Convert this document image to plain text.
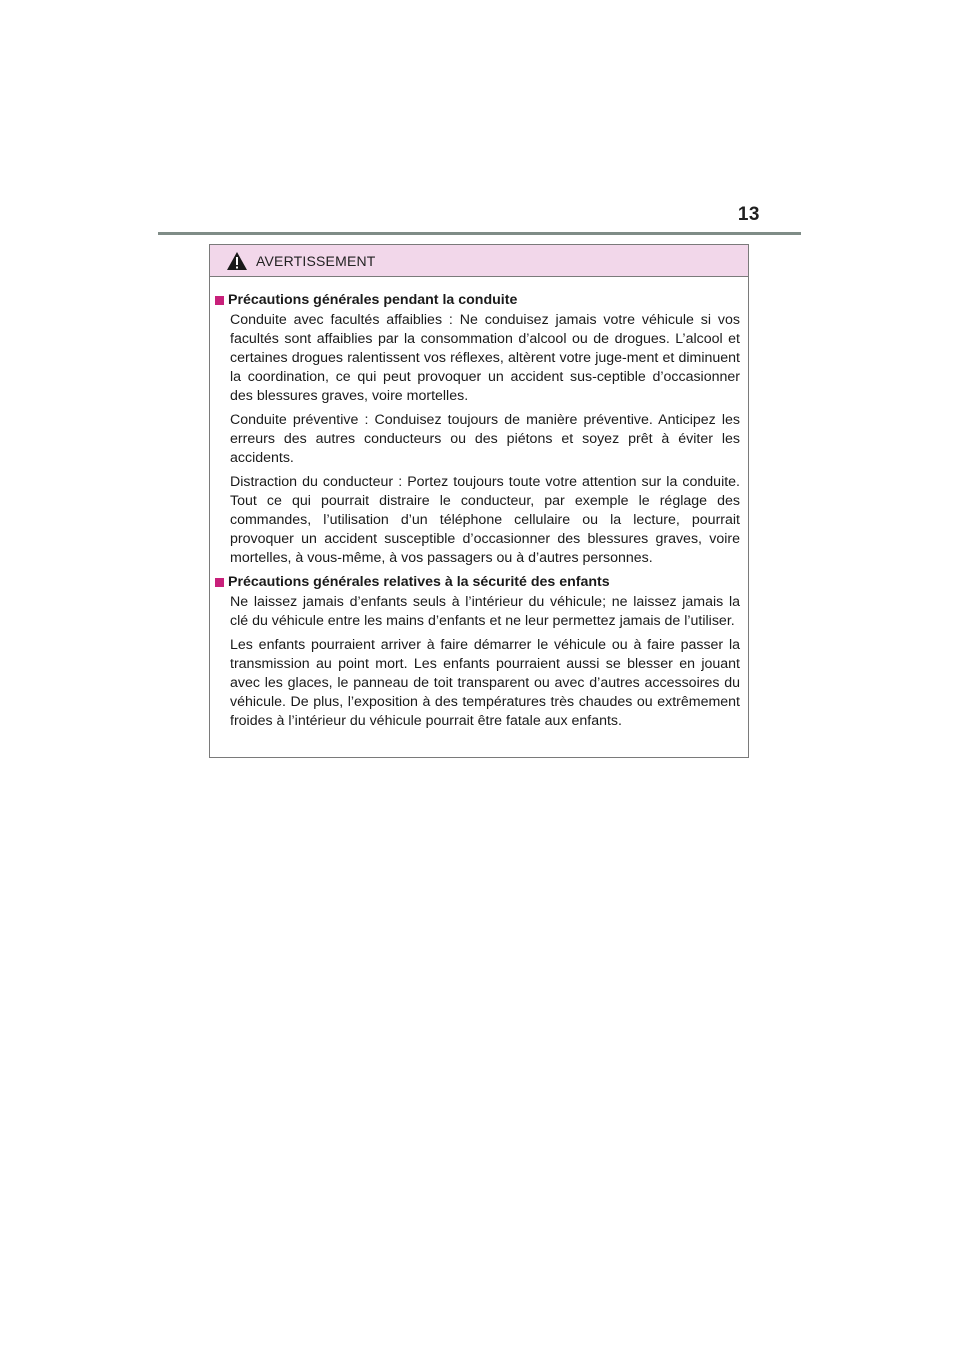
13
AVERTISSEMENT
Précautions générales pendant la conduite

Conduite avec facultés affaiblies : Ne conduisez jamais votre véhicule si vos facultés sont affaiblies par la consommation d’alcool ou de drogues. L’alcool et certaines drogues ralentissent vos réflexes, altèrent votre juge-ment et diminuent la coordination, ce qui peut provoquer un accident sus-ceptible d’occasionner des blessures graves, voire mortelles.

Conduite préventive : Conduisez toujours de manière préventive. Anticipez les erreurs des autres conducteurs ou des piétons et soyez prêt à éviter les accidents.

Distraction du conducteur : Portez toujours toute votre attention sur la conduite. Tout ce qui pourrait distraire le conducteur, par exemple le réglage des commandes, l’utilisation d’un téléphone cellulaire ou la lecture, pourrait provoquer un accident susceptible d’occasionner des blessures graves, voire mortelles, à vous-même, à vos passagers ou à d’autres personnes.

Précautions générales relatives à la sécurité des enfants

Ne laissez jamais d’enfants seuls à l’intérieur du véhicule; ne laissez jamais la clé du véhicule entre les mains d’enfants et ne leur permettez jamais de l’utiliser.

Les enfants pourraient arriver à faire démarrer le véhicule ou à faire passer la transmission au point mort. Les enfants pourraient aussi se blesser en jouant avec les glaces, le panneau de toit transparent ou avec d’autres accessoires du véhicule. De plus, l’exposition à des températures très chaudes ou extrêmement froides à l’intérieur du véhicule pourrait être fatale aux enfants.
